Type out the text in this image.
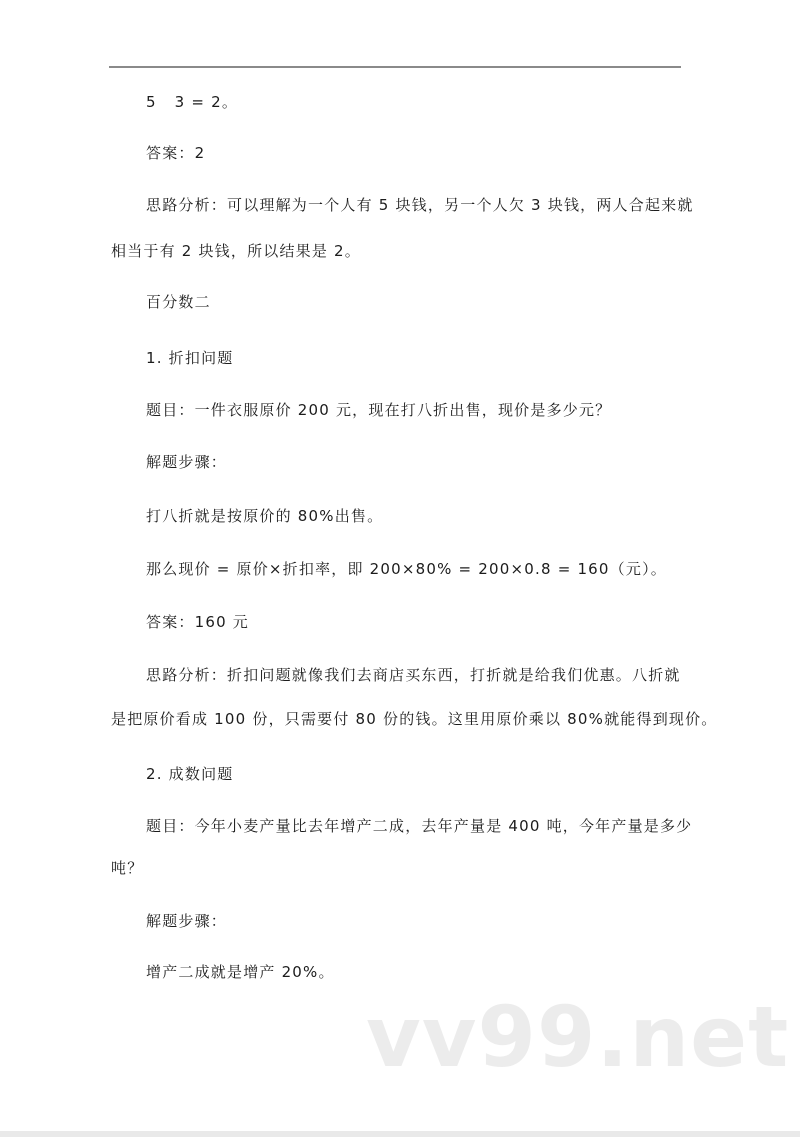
5   3 = 2。
答案：2
思路分析：可以理解为一个人有 5 块钱，另一个人欠 3 块钱，两人合起来就
相当于有 2 块钱，所以结果是 2。
百分数二
1. 折扣问题
题目：一件衣服原价 200 元，现在打八折出售，现价是多少元？
解题步骤：
打八折就是按原价的 80%出售。
那么现价 = 原价×折扣率，即 200×80% = 200×0.8 = 160（元）。
答案：160 元
思路分析：折扣问题就像我们去商店买东西，打折就是给我们优惠。八折就
是把原价看成 100 份，只需要付 80 份的钱。这里用原价乘以 80%就能得到现价。
2. 成数问题
题目：今年小麦产量比去年增产二成，去年产量是 400 吨，今年产量是多少
吨？
解题步骤：
增产二成就是增产 20%。
vv99.net
